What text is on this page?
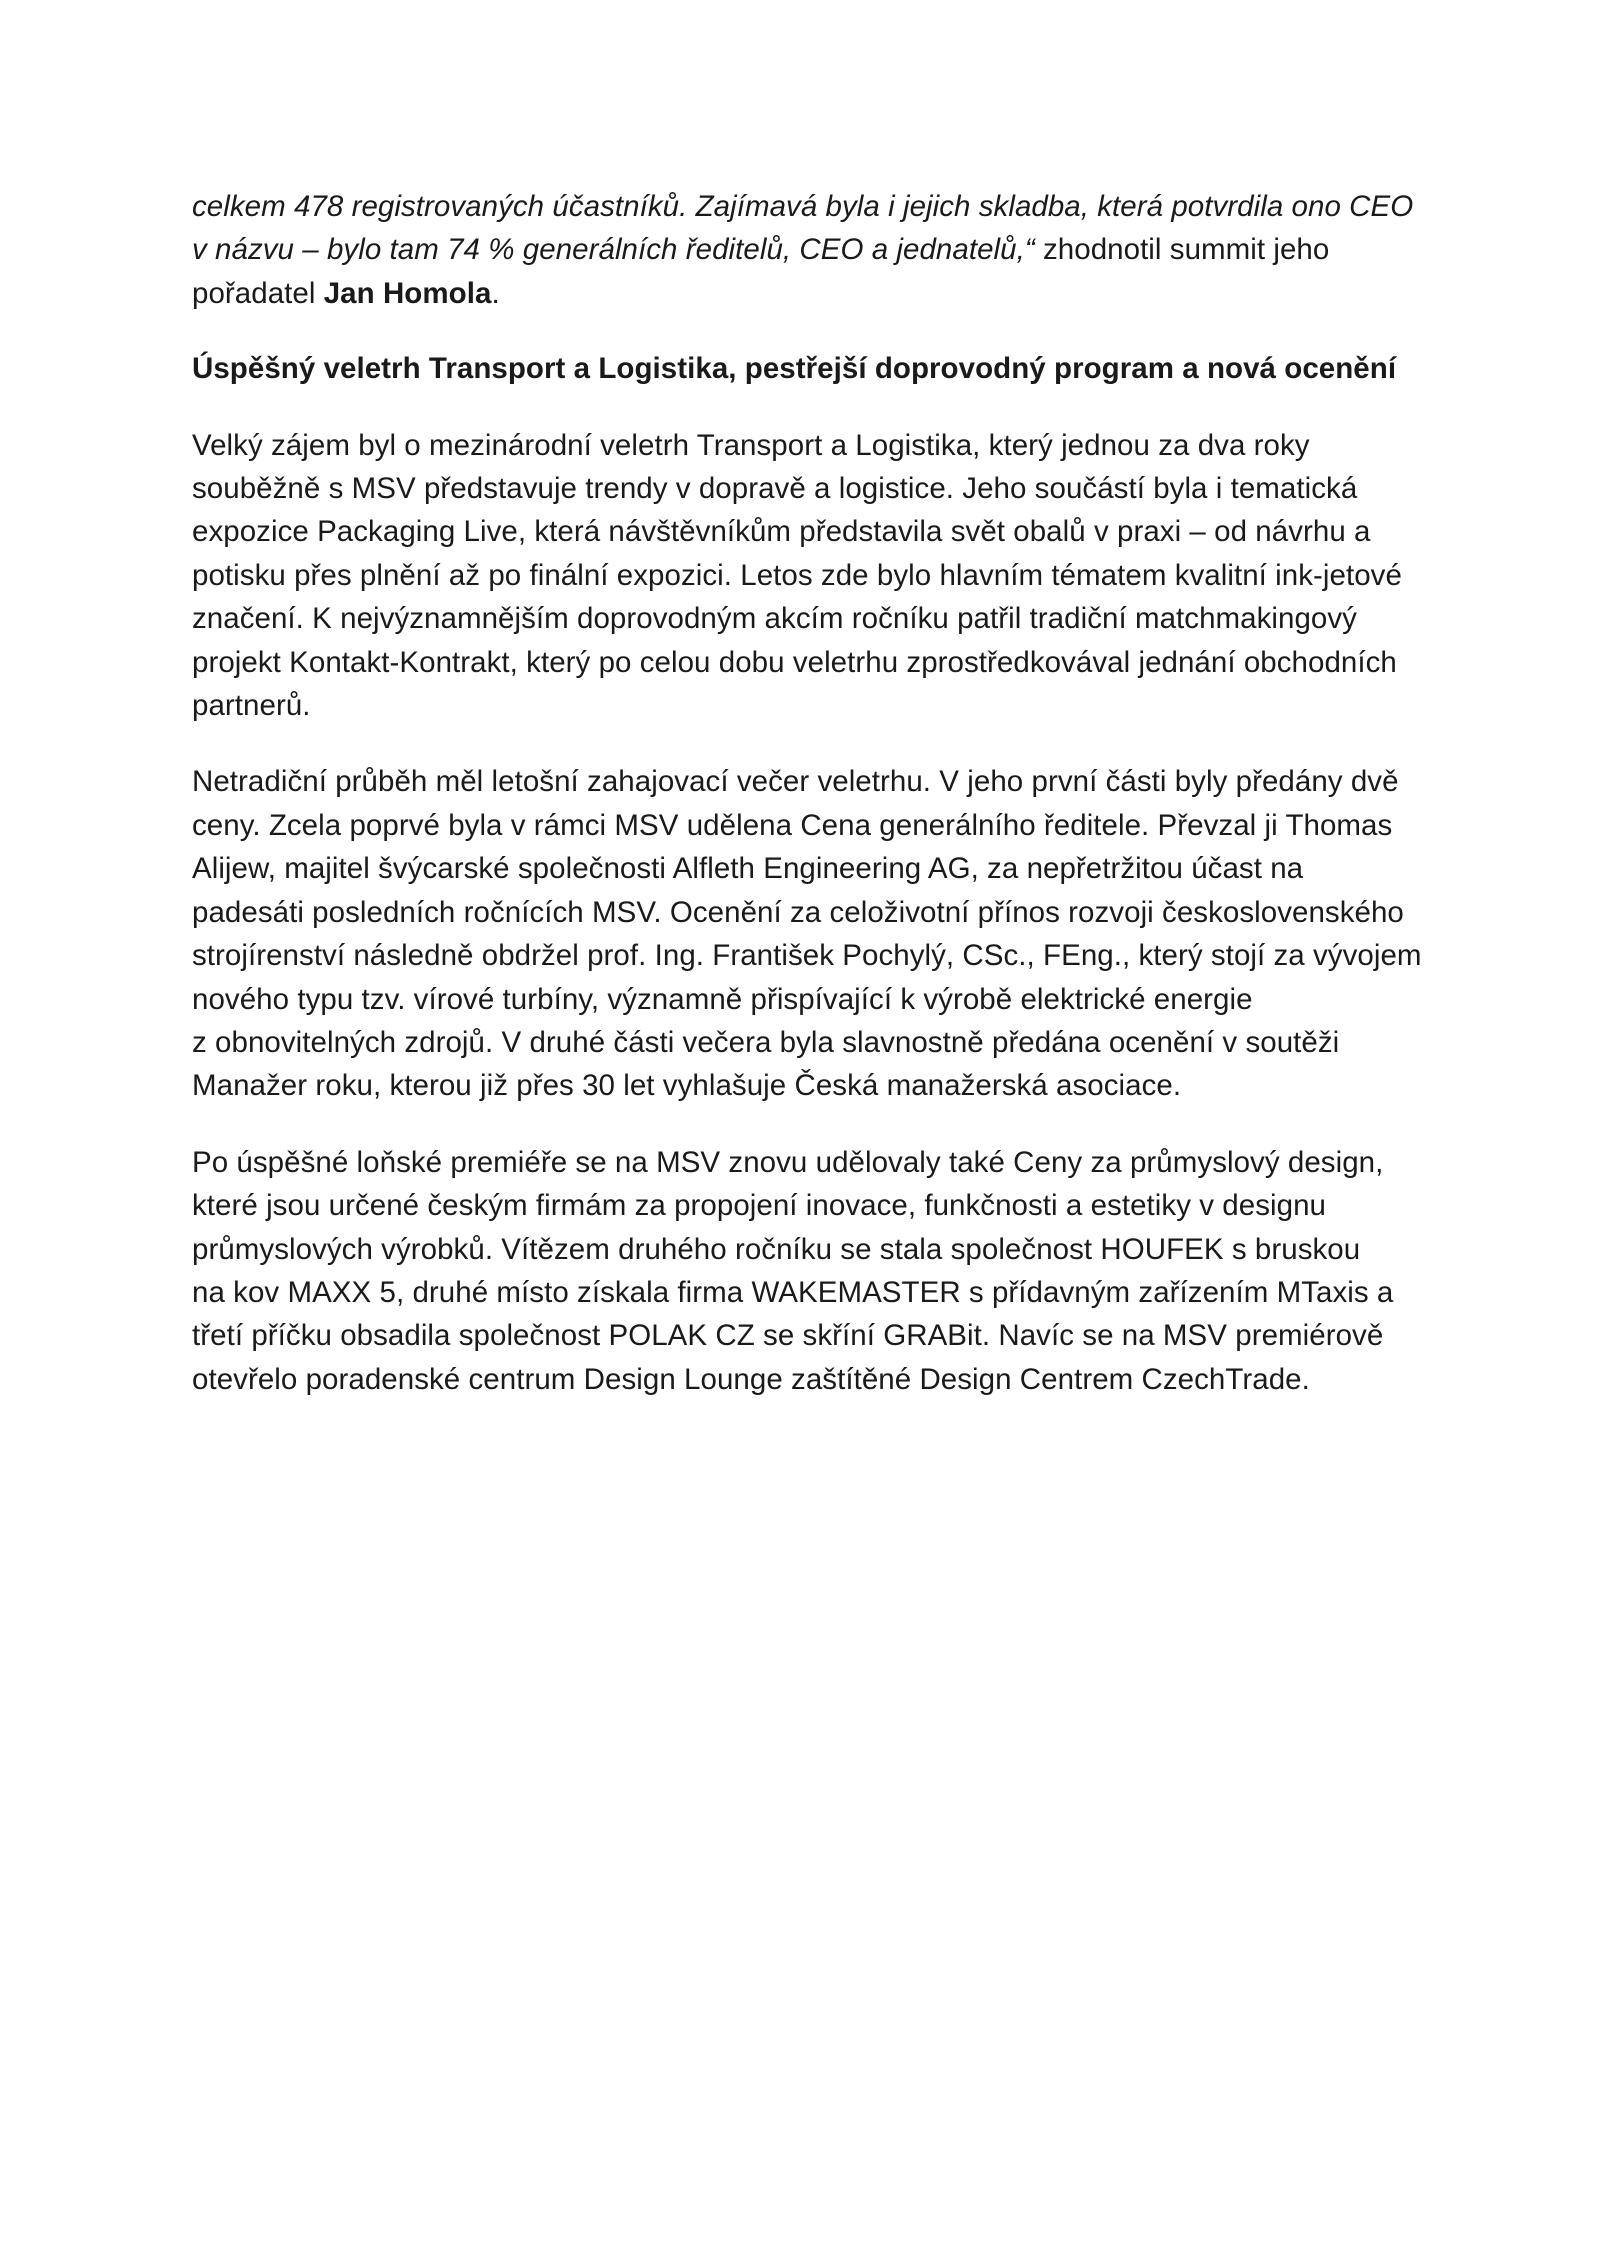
celkem 478 registrovaných účastníků. Zajímavá byla i jejich skladba, která potvrdila ono CEO
v názvu – bylo tam 74 % generálních ředitelů, CEO a jednatelů,“ zhodnotil summit jeho
pořadatel Jan Homola.

Úspěšný veletrh Transport a Logistika, pestřejší doprovodný program a nová ocenění

Velký zájem byl o mezinárodní veletrh Transport a Logistika, který jednou za dva roky
souběžně s MSV představuje trendy v dopravě a logistice. Jeho součástí byla i tematická
expozice Packaging Live, která návštěvníkům představila svět obalů v praxi – od návrhu a
potisku přes plnění až po finální expozici. Letos zde bylo hlavním tématem kvalitní ink-jetové
značení. K nejvýznamnějším doprovodným akcím ročníku patřil tradiční matchmakingový
projekt Kontakt-Kontrakt, který po celou dobu veletrhu zprostředkovával jednání obchodních
partnerů.

Netradiční průběh měl letošní zahajovací večer veletrhu. V jeho první části byly předány dvě
ceny. Zcela poprvé byla v rámci MSV udělena Cena generálního ředitele. Převzal ji Thomas
Alijew, majitel švýcarské společnosti Alfleth Engineering AG, za nepřetržitou účast na
padesáti posledních ročnících MSV. Ocenění za celoživotní přínos rozvoji československého
strojírenství následně obdržel prof. Ing. František Pochylý, CSc., FEng., který stojí za vývojem
nového typu tzv. vírové turbíny, významně přispívající k výrobě elektrické energie
z obnovitelných zdrojů. V druhé části večera byla slavnostně předána ocenění v soutěži
Manažer roku, kterou již přes 30 let vyhlašuje Česká manažerská asociace.

Po úspěšné loňské premiéře se na MSV znovu udělovaly také Ceny za průmyslový design,
které jsou určené českým firmám za propojení inovace, funkčnosti a estetiky v designu
průmyslových výrobků. Vítězem druhého ročníku se stala společnost HOUFEK s bruskou
na kov MAXX 5, druhé místo získala firma WAKEMASTER s přídavným zařízením MTaxis a
třetí příčku obsadila společnost POLAK CZ se skříní GRABit. Navíc se na MSV premiérově
otevřelo poradenské centrum Design Lounge zaštítěné Design Centrem CzechTrade.
